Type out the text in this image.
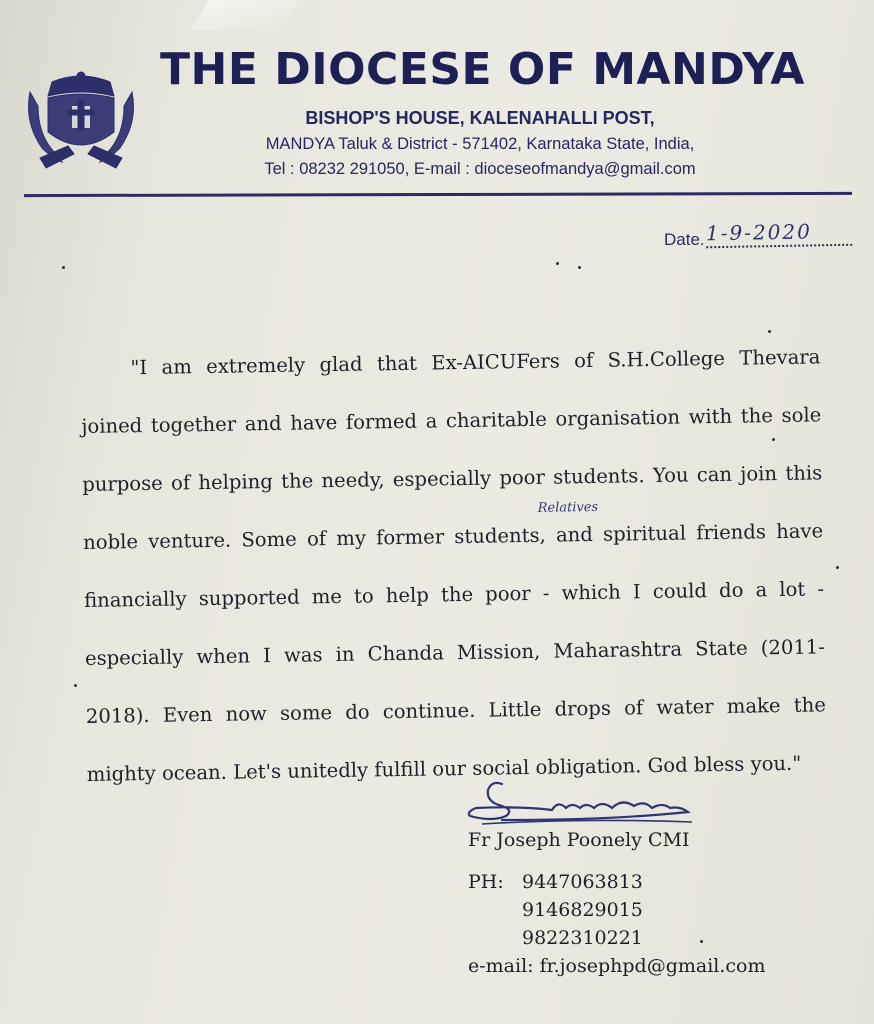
THE DIOCESE OF MANDYA
BISHOP'S HOUSE, KALENAHALLI POST,
MANDYA Taluk & District - 571402, Karnataka State, India,
Tel : 08232 291050, E-mail : dioceseofmandya@gmail.com
Date. 1-9-2020
"I am extremely glad that Ex-AICUFers of S.H.College Thevara
joined together and have formed a charitable organisation with the sole
purpose of helping the needy, especially poor students. You can join this
noble venture. Some of my former students, and spiritual friends have
financially supported me to help the poor - which I could do a lot -
especially when I was in Chanda Mission, Maharashtra State (2011-
2018). Even now some do continue. Little drops of water make the
mighty ocean. Let's unitedly fulfill our social obligation. God bless you."
Relatives
Fr Joseph Poonely CMI
PH: 9447063813
9146829015
9822310221
e-mail: fr.josephpd@gmail.com
